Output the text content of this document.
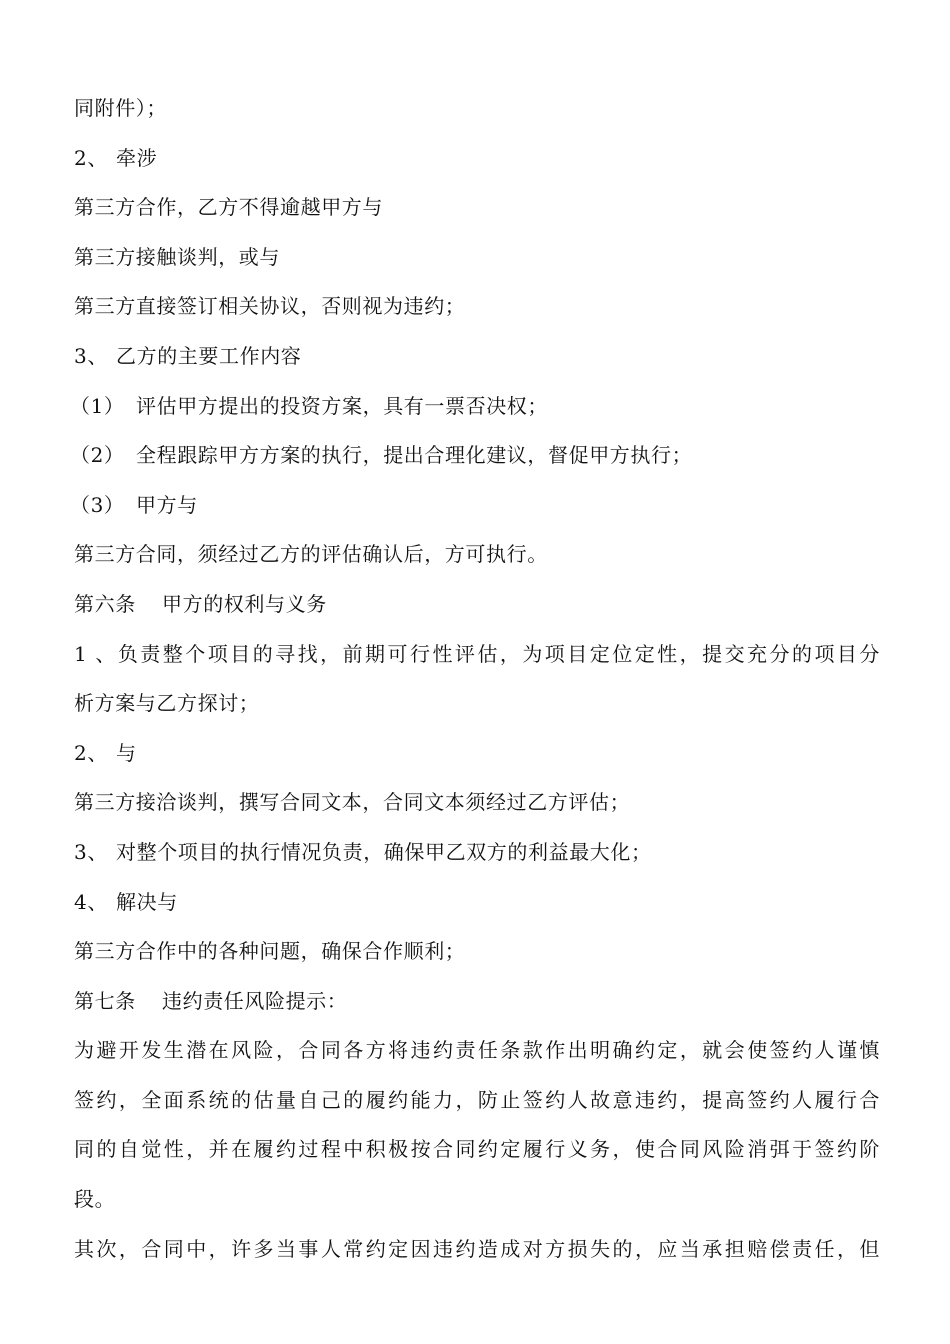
同附件）；
2、 牵涉
第三方合作，乙方不得逾越甲方与
第三方接触谈判，或与
第三方直接签订相关协议，否则视为违约；
3、 乙方的主要工作内容
（1） 评估甲方提出的投资方案，具有一票否决权；
（2） 全程跟踪甲方方案的执行，提出合理化建议，督促甲方执行；
（3） 甲方与
第三方合同，须经过乙方的评估确认后，方可执行。
第六条 甲方的权利与义务
1、负责整个项目的寻找，前期可行性评估，为项目定位定性，提交充分的项目分
析方案与乙方探讨；
2、 与
第三方接洽谈判，撰写合同文本，合同文本须经过乙方评估；
3、 对整个项目的执行情况负责，确保甲乙双方的利益最大化；
4、 解决与
第三方合作中的各种问题，确保合作顺利；
第七条 违约责任风险提示：
为避开发生潜在风险，合同各方将违约责任条款作出明确约定，就会使签约人谨慎
签约，全面系统的估量自己的履约能力，防止签约人故意违约，提高签约人履行合
同的自觉性，并在履约过程中积极按合同约定履行义务，使合同风险消弭于签约阶
段。
其次，合同中，许多当事人常约定因违约造成对方损失的，应当承担赔偿责任，但
